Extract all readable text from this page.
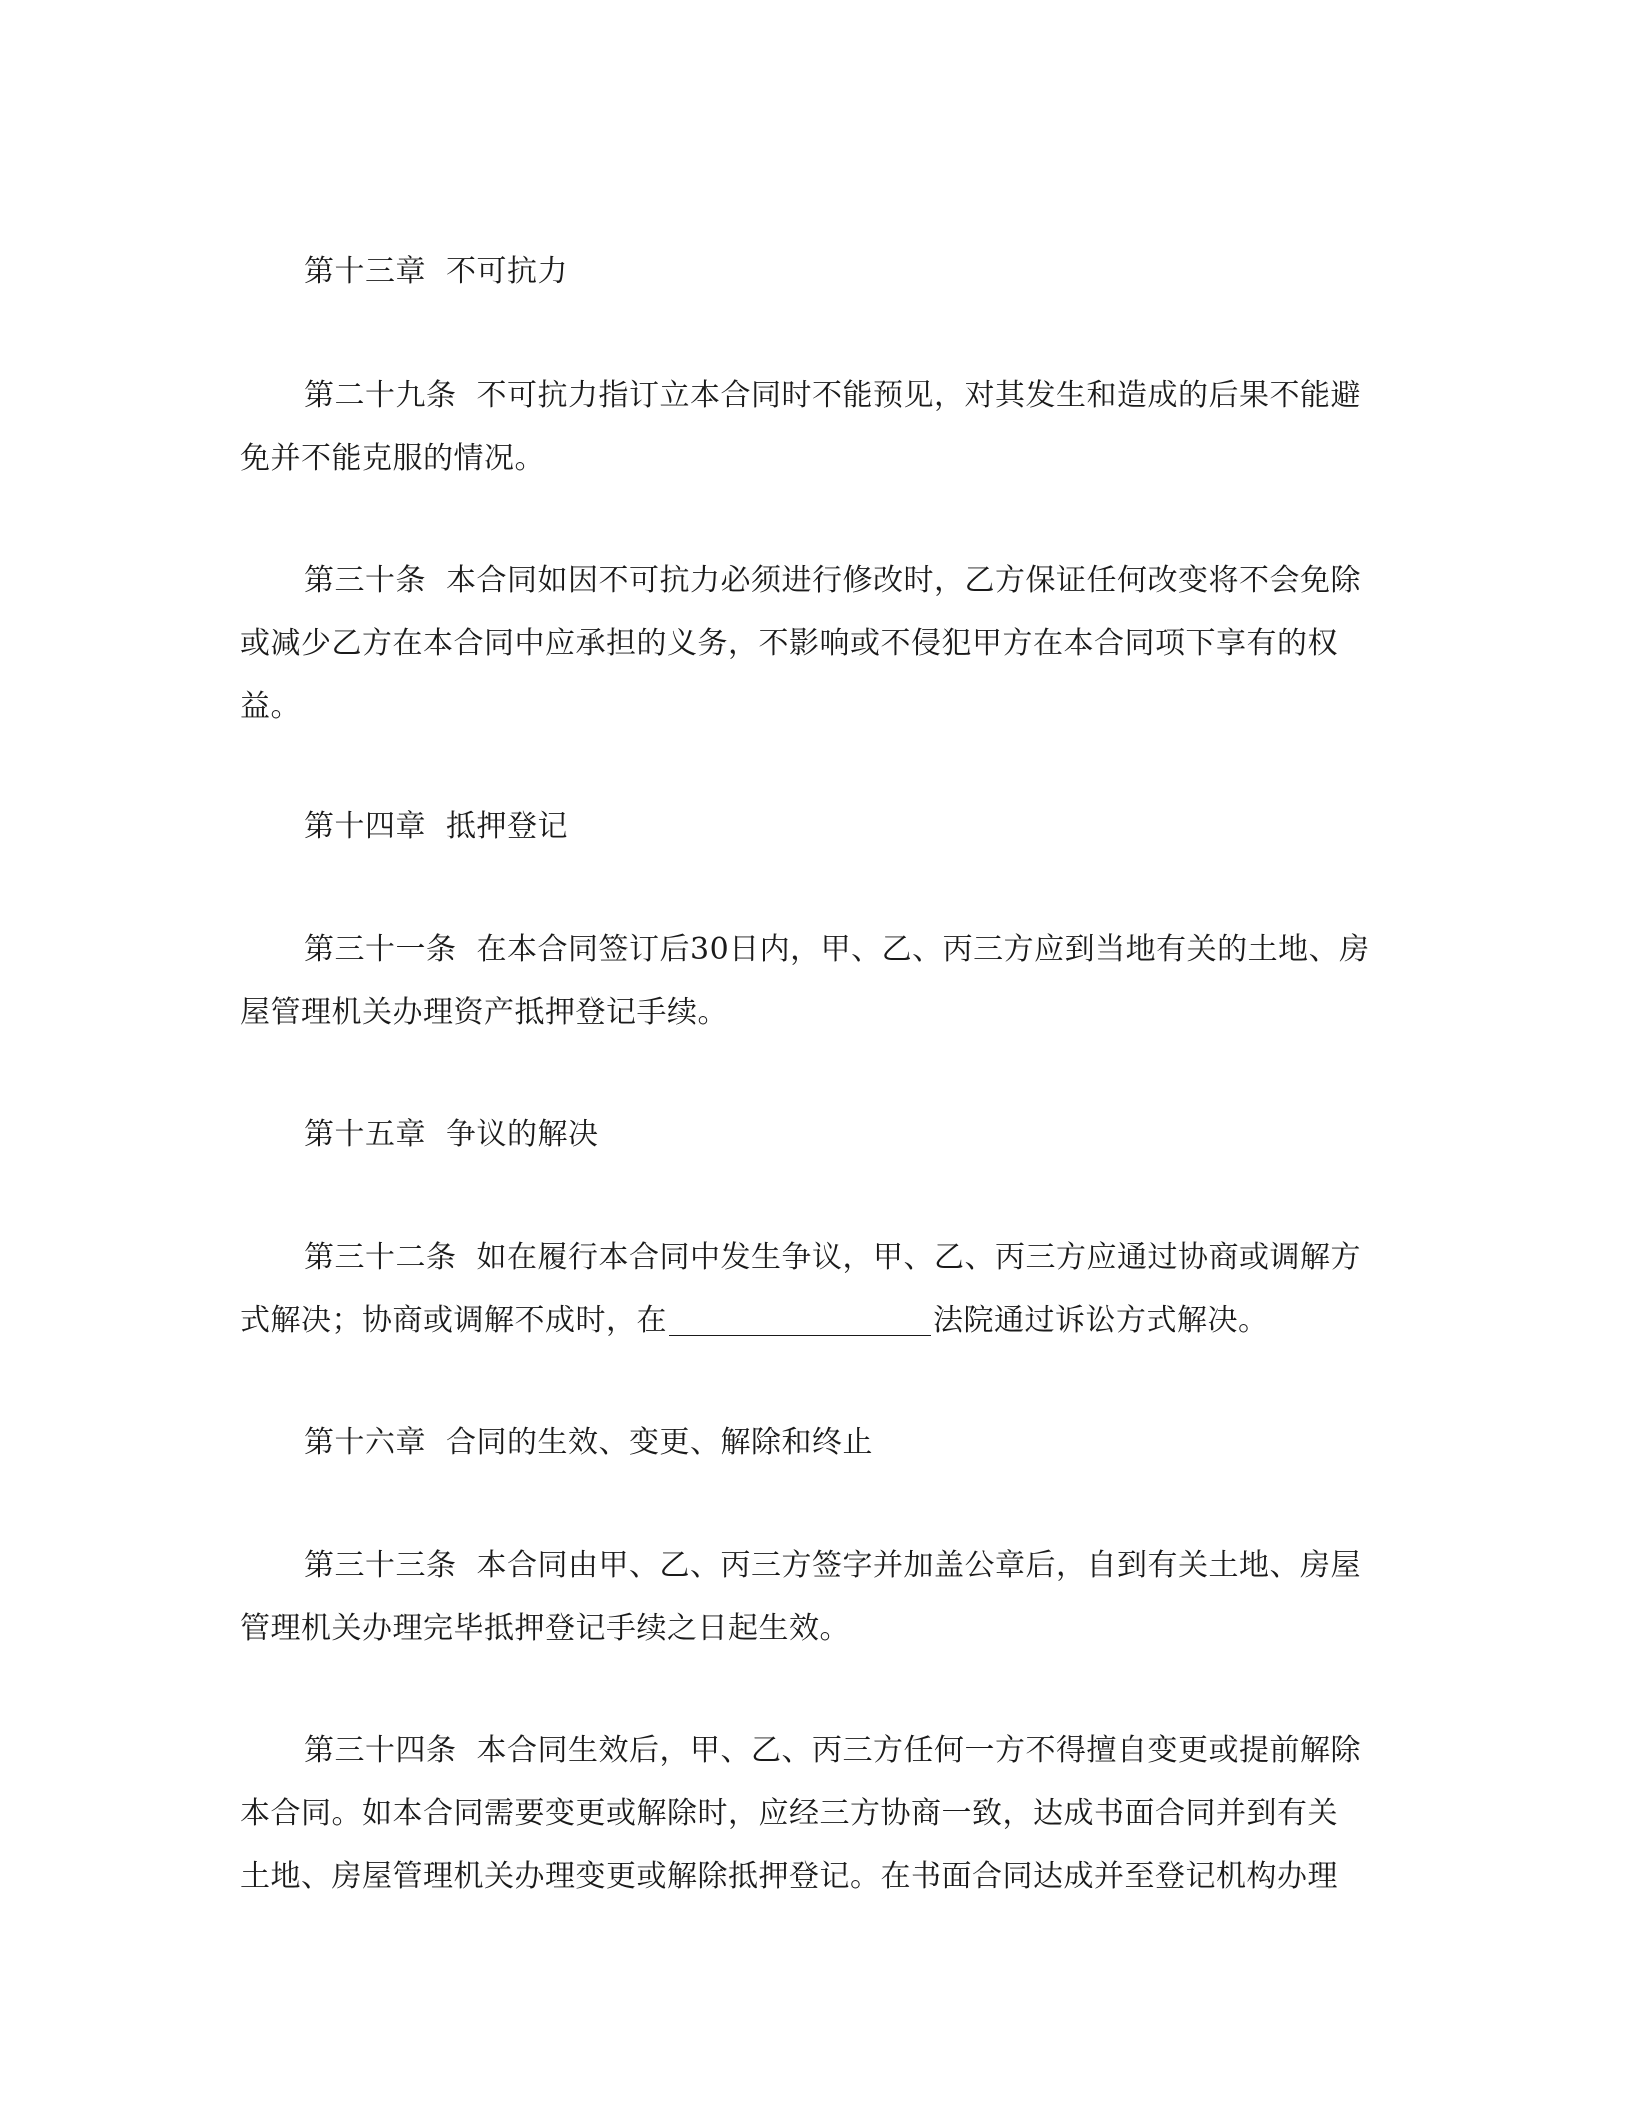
第十三章 不可抗力
第二十九条 不可抗力指订立本合同时不能预见，对其发生和造成的后果不能避
免并不能克服的情况。
第三十条 本合同如因不可抗力必须进行修改时，乙方保证任何改变将不会免除
或减少乙方在本合同中应承担的义务，不影响或不侵犯甲方在本合同项下享有的权
益。
第十四章 抵押登记
第三十一条 在本合同签订后30日内，甲、乙、丙三方应到当地有关的土地、房
屋管理机关办理资产抵押登记手续。
第十五章 争议的解决
第三十二条 如在履行本合同中发生争议，甲、乙、丙三方应通过协商或调解方
式解决；协商或调解不成时，在	法院通过诉讼方式解决。
第十六章 合同的生效、变更、解除和终止
第三十三条 本合同由甲、乙、丙三方签字并加盖公章后，自到有关土地、房屋
管理机关办理完毕抵押登记手续之日起生效。
第三十四条 本合同生效后，甲、乙、丙三方任何一方不得擅自变更或提前解除
本合同。如本合同需要变更或解除时，应经三方协商一致，达成书面合同并到有关
土地、房屋管理机关办理变更或解除抵押登记。在书面合同达成并至登记机构办理
